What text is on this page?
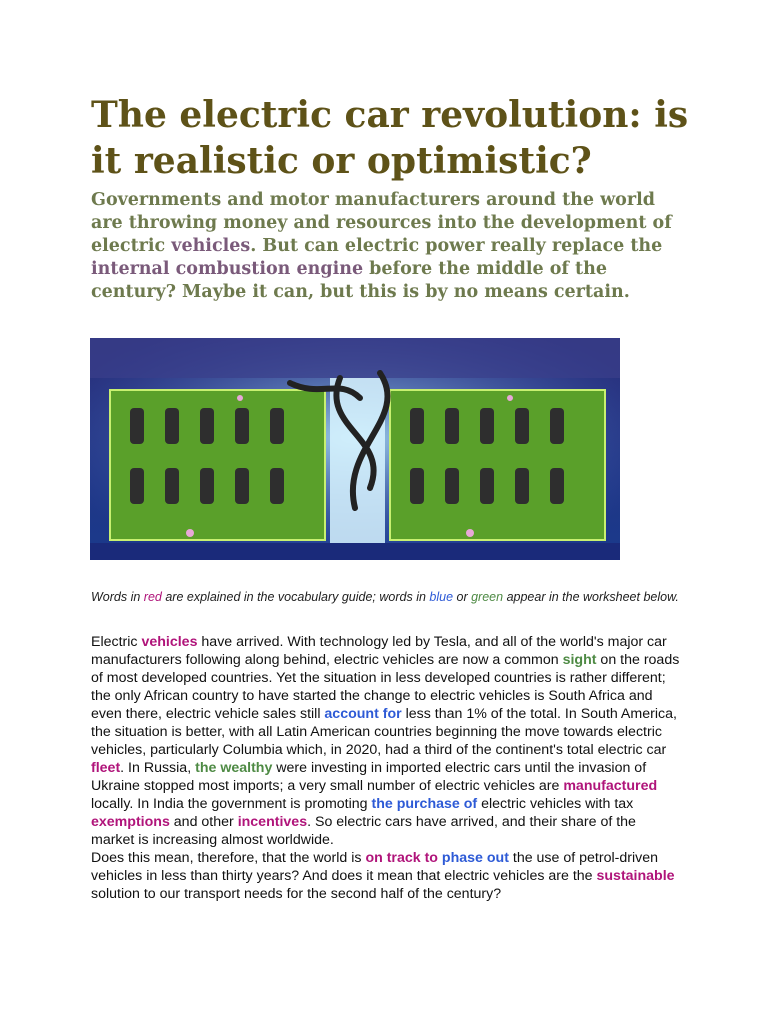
The electric car revolution: is it realistic or optimistic?

Governments and motor manufacturers around the world are throwing money and resources into the development of electric vehicles. But can electric power really replace the internal combustion engine before the middle of the century? Maybe it can, but this is by no means certain.

Words in red are explained in the vocabulary guide; words in blue or green appear in the worksheet below.

Electric vehicles have arrived. With technology led by Tesla, and all of the world's major car manufacturers following along behind, electric vehicles are now a common sight on the roads of most developed countries. Yet the situation in less developed countries is rather different; the only African country to have started the change to electric vehicles is South Africa and even there, electric vehicle sales still account for less than 1% of the total. In South America, the situation is better, with all Latin American countries beginning the move towards electric vehicles, particularly Columbia which, in 2020, had a third of the continent's total electric car fleet. In Russia, the wealthy were investing in imported electric cars until the invasion of Ukraine stopped most imports; a very small number of electric vehicles are manufactured locally. In India the government is promoting the purchase of electric vehicles with tax exemptions and other incentives. So electric cars have arrived, and their share of the market is increasing almost worldwide.
Does this mean, therefore, that the world is on track to phase out the use of petrol-driven vehicles in less than thirty years? And does it mean that electric vehicles are the sustainable solution to our transport needs for the second half of the century?
